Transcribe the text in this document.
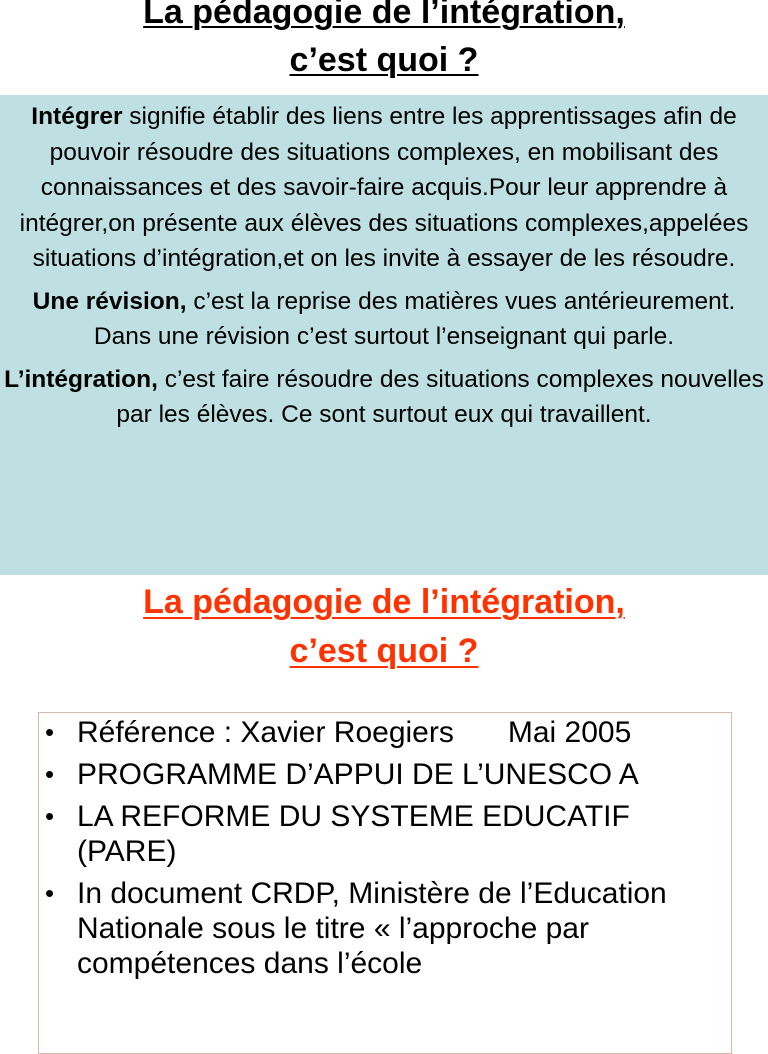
La pédagogie de l’intégration,
c’est quoi ?

Intégrer signifie établir des liens entre les apprentissages afin de pouvoir résoudre des situations complexes, en mobilisant des connaissances et des savoir-faire acquis.Pour leur apprendre à intégrer,on présente aux élèves des situations complexes,appelées situations d’intégration,et on les invite à essayer de les résoudre.

Une révision, c’est la reprise des matières vues antérieurement. Dans une révision c’est surtout l’enseignant qui parle.

L’intégration, c’est faire résoudre des situations complexes nouvelles par les élèves. Ce sont surtout eux qui travaillent.

La pédagogie de l’intégration,
c’est quoi ?
• Référence : Xavier Roegiers Mai 2005
• PROGRAMME D’APPUI DE L’UNESCO A
• LA REFORME DU SYSTEME EDUCATIF (PARE)
• In document CRDP, Ministère de l’Education Nationale sous le titre « l’approche par compétences dans l’école
